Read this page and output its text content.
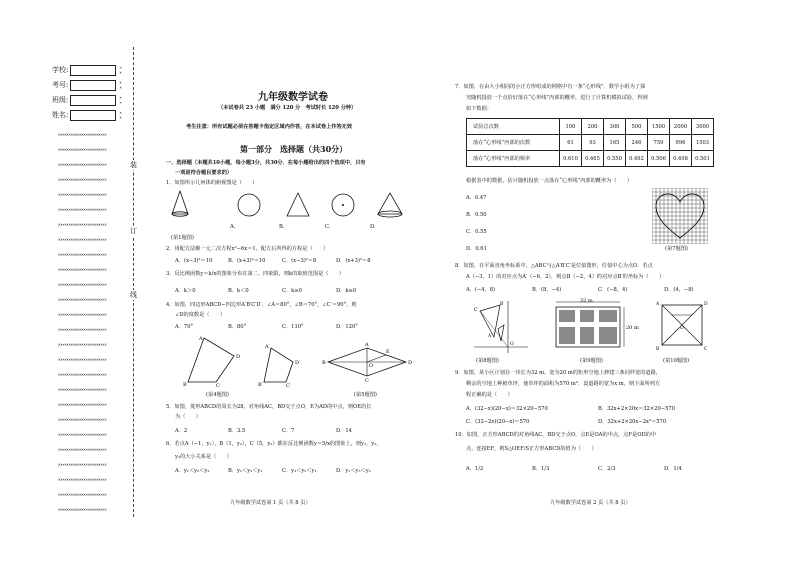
学校:	×
×
考号:	×
×
班级:	×
×
姓名:	×
×
×××××××××××××××××××××××
×××××××××××××××××××××××
×××××××××××××××××××××××
×××××××××××××××××××××××
×××××××××××××××××××××××
×××××××××××××××××××××××
×××××××××××××××××××××××
×××××××××××××××××××××××
×××××××××××××××××××××××
×××××××××××××××××××××××
×××××××××××××××××××××××
×××××××××××××××××××××××
×××××××××××××××××××××××
×××××××××××××××××××××××
×××××××××××××××××××××××
×××××××××××××××××××××××
×××××××××××××××××××××××
×××××××××××××××××××××××
×××××××××××××××××××××××
×××××××××××××××××××××××
×××××××××××××××××××××××
×××××××××××××××××××××××
×××××××××××××××××××××××
×××××××××××××××××××××××
×××××××××××××××××××××××
×××××××××××××××××××××××
装
订
线
九年级数学试卷
（本试卷共 23 小题　满分 120 分　考试时长 120 分钟）
考生注意：所有试题必须在答题卡指定区域内作答，在本试卷上作答无效
第一部分　选择题（共30分）
一、选择题（本题共10小题，每小题3分，共30分．在每小题给出的四个选项中，只有
一项是符合题目要求的）
1．如图所示几何体的俯视图是（　　）
A.	B.	C.	D.
(第1题图)
2．用配方法解一元二次方程x²−6x＝1，配方后所得的方程是（　　）
A．(x−3)²＝10	B．(x+3)²＝10	C．(x−3)²＝8	D．(x+3)²＝8
3．反比例函数y＝k/x的图象分布在第二、四象限，则k的取值范围是（　　）
A．k＞0	B．k＜0	C．k≥0	D．k≤0
4．如图，四边形ABCD∽四边形A′B′C′D′，∠A＝80°，∠B＝70°，∠C′＝90°，则
∠D的度数是（　　）
A．70°	B．80°	C．110°	D．120°
A
B	C
D
A′
B′	C′
D′	B
A
D
C
O
E
(第4题图)	(第5题图)
5．如图，菱形ABCD的周长为28，对角线AC，BD交于点O，E为AD的中点，则OE的长
为（　　）
A．2	B．3.5	C．7	D．14
6．若点A（−1，y₁），B（1，y₂），C（5，y₃）都在反比例函数y＝5/x的图象上，则y₁，y₂，
y₃的大小关系是（　　）
A．y₁＜y₂＜y₃	B．y₂＜y₃＜y₁	C．y₃＜y₂＜y₁	D．y₁＜y₃＜y₂
九年级数学试卷第 1 页（共 8 页）
7．如图，在由大小相同的小正方形组成的网格中有一条“心形线”．数学小组为了探
究随机投放一个点恰好落在“心形线”内部的概率，进行了计算机模拟试验，得到
如下数据：
试验总次数	100	200	300	500	1500	2000	3000
落在“心形线”内部的次数	61	93	165	246	759	996	1503
落在“心形线”内部的频率	0.610	0.465	0.550	0.492	0.506	0.498	0.501
根据表中的数据，估计随机投放一点落在“心形线”内部的概率为（　　）
A．0.47
B．0.50
C．0.55
D．0.61	(第7题图)
8．如图，在平面直角坐标系中，△ABC与△A′B′C′是位似图形，位似中心为点O．若点
A（−3，1）的对应点为A′（−6，2），则点B（−2，4）的对应点B′的坐标为（　　）
A．(−4，8)	B．(8，−4)	C．(−8，4)	D．(4，−8)
C′
B′
O
A′
32 m
20 m
A	D
B	C
O
(第8题图)	(第9题图)	(第10题图)
9．如图，某小区计划在一块长为32 m，宽为20 m的矩形空地上修建三条同样宽的道路，
剩余的空地上种植草坪，使草坪的面积为570 m²．设道路的宽为x m，则下面所列方
程正确的是（　　）
A．(32−x)(20−x)＝32×20−570	B．32x+2×20x＝32×20−570
C．(32−2x)(20−x)＝570	D．32x+2×20x−2x²＝570
10．如图，正方形ABCD的对角线AC，BD交于点O，点E是OA的中点，点F是OD的中
点，连接EF，则S△OEF/S正方形ABCD的值为（　　）
A．1/2	B．1/3	C．2/3	D．1/4
九年级数学试卷第 2 页（共 8 页）
